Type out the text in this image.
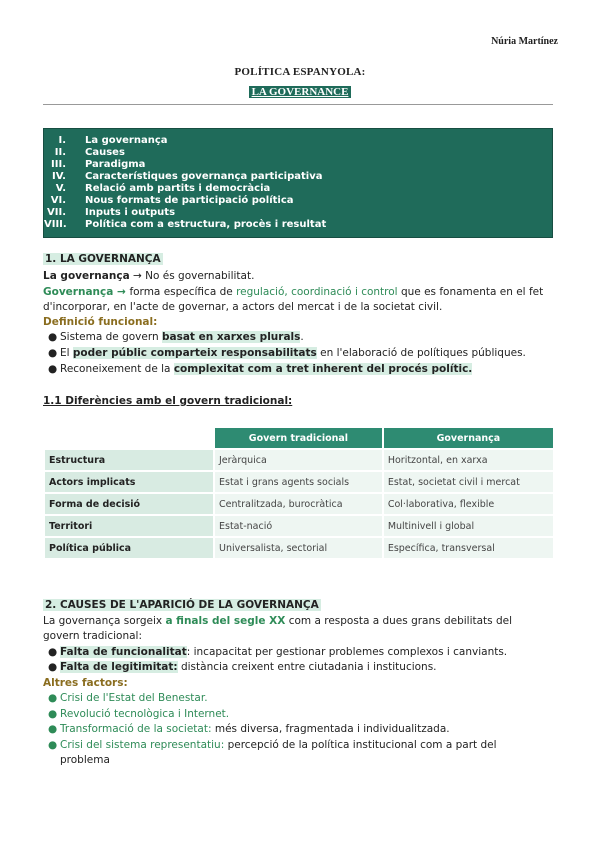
Núria Martínez
POLÍTICA ESPANYOLA:
LA GOVERNANCE
I. La governança
II. Causes
III. Paradigma
IV. Característiques governança participativa
V. Relació amb partits i democràcia
VI. Nous formats de participació política
VII. Inputs i outputs
VIII. Política com a estructura, procès i resultat
1. LA GOVERNANÇA
La governança → No és governabilitat.
Governança → forma específica de regulació, coordinació i control que es fonamenta en el fet
d'incorporar, en l'acte de governar, a actors del mercat i de la societat civil.
Definició funcional:
● Sistema de govern basat en xarxes plurals.
● El poder públic comparteix responsabilitats en l'elaboració de polítiques públiques.
● Reconeixement de la complexitat com a tret inherent del procés polític.
1.1 Diferències amb el govern tradicional:
	Govern tradicional	Governança
Estructura	Jeràrquica	Horitzontal, en xarxa
Actors implicats	Estat i grans agents socials	Estat, societat civil i mercat
Forma de decisió	Centralitzada, burocràtica	Col·laborativa, flexible
Territori	Estat-nació	Multinivell i global
Política pública	Universalista, sectorial	Específica, transversal
2. CAUSES DE L'APARICIÓ DE LA GOVERNANÇA
La governança sorgeix a finals del segle XX com a resposta a dues grans debilitats del
govern tradicional:
● Falta de funcionalitat: incapacitat per gestionar problemes complexos i canviants.
● Falta de legitimitat: distància creixent entre ciutadania i institucions.
Altres factors:
● Crisi de l'Estat del Benestar.
● Revolució tecnològica i Internet.
● Transformació de la societat: més diversa, fragmentada i individualitzada.
● Crisi del sistema representatiu: percepció de la política institucional com a part del
problema
